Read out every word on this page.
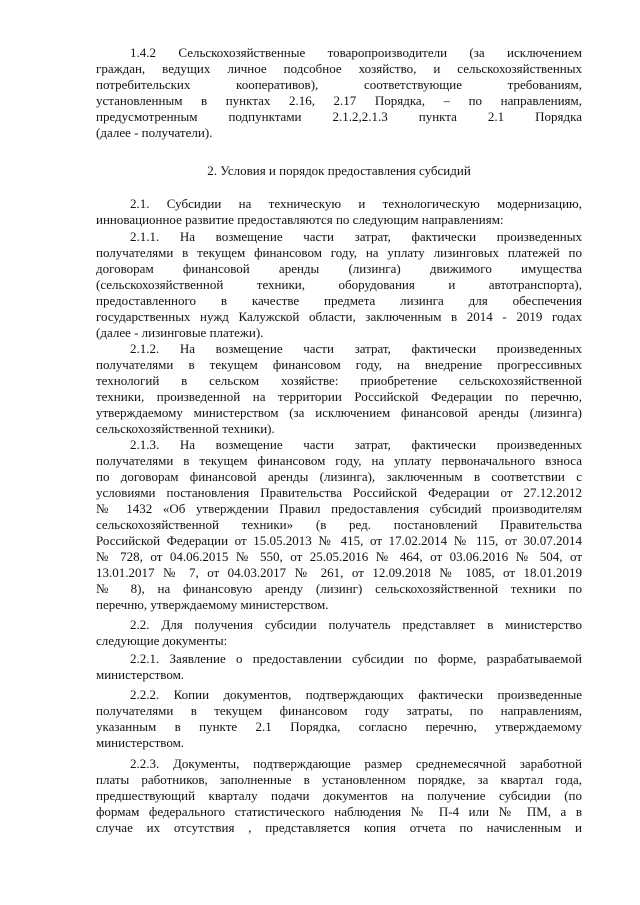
1.4.2 Сельскохозяйственные товаропроизводители (за исключением
граждан, ведущих личное подсобное хозяйство, и сельскохозяйственных
потребительских кооперативов), соответствующие требованиям,
установленным в пунктах 2.16, 2.17 Порядка, – по направлениям,
предусмотренным подпунктами 2.1.2,2.1.3 пункта 2.1 Порядка
(далее - получатели).
2. Условия и порядок предоставления субсидий
2.1. Субсидии на техническую и технологическую модернизацию,
инновационное развитие предоставляются по следующим направлениям:
2.1.1. На возмещение части затрат, фактически произведенных
получателями в текущем финансовом году, на уплату лизинговых платежей по
договорам финансовой аренды (лизинга) движимого имущества
(сельскохозяйственной техники, оборудования и автотранспорта),
предоставленного в качестве предмета лизинга для обеспечения
государственных нужд Калужской области, заключенным в 2014 - 2019 годах
(далее - лизинговые платежи).
2.1.2. На возмещение части затрат, фактически произведенных
получателями в текущем финансовом году, на внедрение прогрессивных
технологий в сельском хозяйстве: приобретение сельскохозяйственной
техники, произведенной на территории Российской Федерации по перечню,
утверждаемому министерством (за исключением финансовой аренды (лизинга)
сельскохозяйственной техники).
2.1.3. На возмещение части затрат, фактически произведенных
получателями в текущем финансовом году, на уплату первоначального взноса
по договорам финансовой аренды (лизинга), заключенным в соответствии с
условиями постановления Правительства Российской Федерации от 27.12.2012
№ 1432 «Об утверждении Правил предоставления субсидий производителям
сельскохозяйственной техники» (в ред. постановлений Правительства
Российской Федерации от 15.05.2013 № 415, от 17.02.2014 № 115, от 30.07.2014
№ 728, от 04.06.2015 № 550, от 25.05.2016 № 464, от 03.06.2016 № 504, от
13.01.2017 № 7, от 04.03.2017 № 261, от 12.09.2018 № 1085, от 18.01.2019
№ 8), на финансовую аренду (лизинг) сельскохозяйственной техники по
перечню, утверждаемому министерством.
2.2. Для получения субсидии получатель представляет в министерство
следующие документы:
2.2.1. Заявление о предоставлении субсидии по форме, разрабатываемой
министерством.
2.2.2. Копии документов, подтверждающих фактически произведенные
получателями в текущем финансовом году затраты, по направлениям,
указанным в пункте 2.1 Порядка, согласно перечню, утверждаемому
министерством.
2.2.3. Документы, подтверждающие размер среднемесячной заработной
платы работников, заполненные в установленном порядке, за квартал года,
предшествующий кварталу подачи документов на получение субсидии (по
формам федерального статистического наблюдения № П-4 или № ПМ, а в
случае их отсутствия , представляется копия отчета по начисленным и
